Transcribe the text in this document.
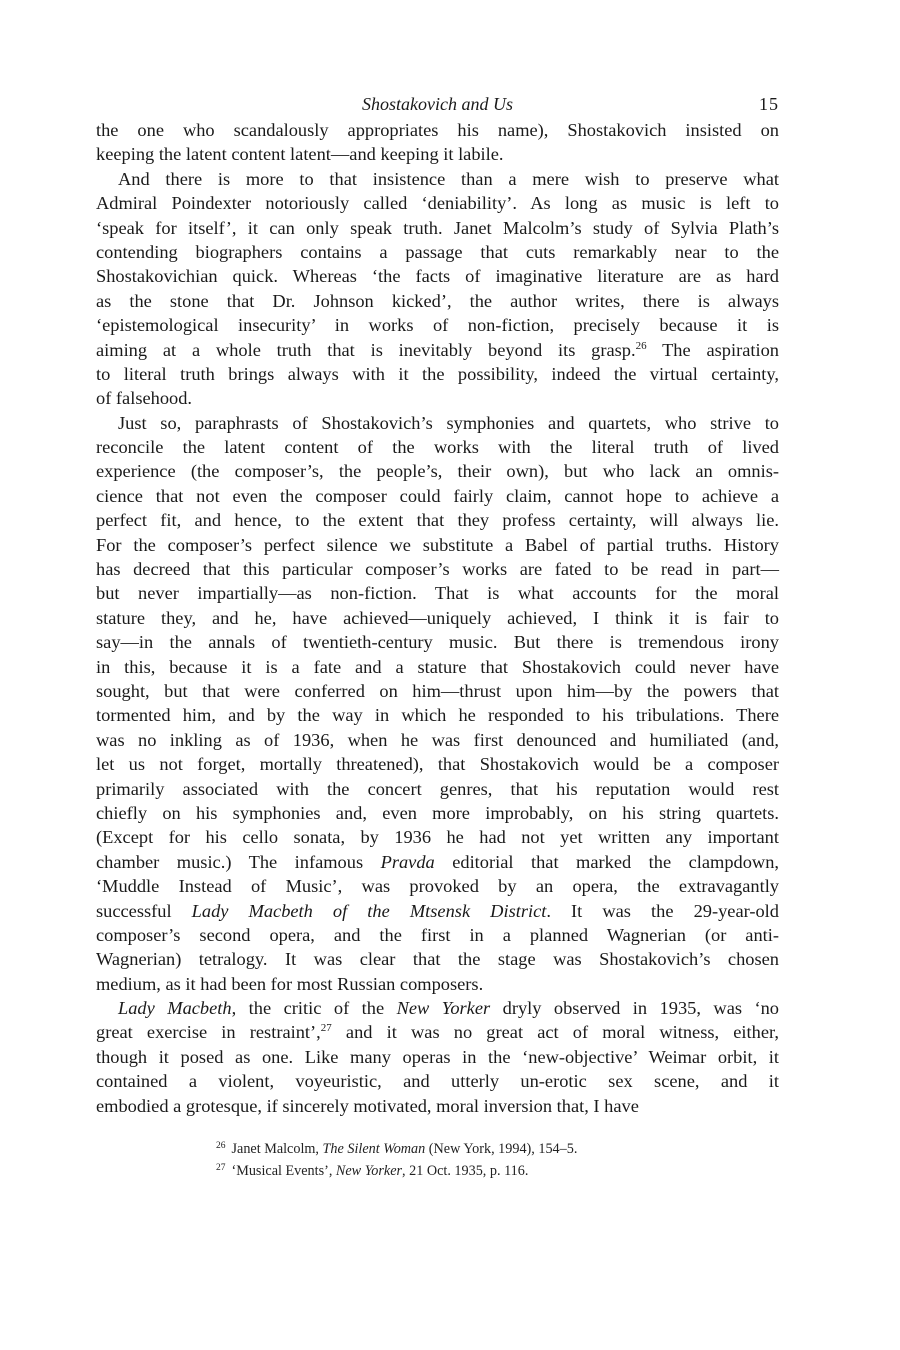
Shostakovich and Us	15
the one who scandalously appropriates his name), Shostakovich insisted on
keeping the latent content latent—and keeping it labile.
And there is more to that insistence than a mere wish to preserve what
Admiral Poindexter notoriously called ‘deniability’. As long as music is left to
‘speak for itself’, it can only speak truth. Janet Malcolm’s study of Sylvia Plath’s
contending biographers contains a passage that cuts remarkably near to the
Shostakovichian quick. Whereas ‘the facts of imaginative literature are as hard
as the stone that Dr. Johnson kicked’, the author writes, there is always
‘epistemological insecurity’ in works of non-fiction, precisely because it is
aiming at a whole truth that is inevitably beyond its grasp.$^{26}$ The aspiration
to literal truth brings always with it the possibility, indeed the virtual certainty,
of falsehood.
Just so, paraphrasts of Shostakovich’s symphonies and quartets, who strive to
reconcile the latent content of the works with the literal truth of lived
experience (the composer’s, the people’s, their own), but who lack an omnis-
cience that not even the composer could fairly claim, cannot hope to achieve a
perfect fit, and hence, to the extent that they profess certainty, will always lie.
For the composer’s perfect silence we substitute a Babel of partial truths. History
has decreed that this particular composer’s works are fated to be read in part—
but never impartially—as non-fiction. That is what accounts for the moral
stature they, and he, have achieved—uniquely achieved, I think it is fair to
say—in the annals of twentieth-century music. But there is tremendous irony
in this, because it is a fate and a stature that Shostakovich could never have
sought, but that were conferred on him—thrust upon him—by the powers that
tormented him, and by the way in which he responded to his tribulations. There
was no inkling as of 1936, when he was first denounced and humiliated (and,
let us not forget, mortally threatened), that Shostakovich would be a composer
primarily associated with the concert genres, that his reputation would rest
chiefly on his symphonies and, even more improbably, on his string quartets.
(Except for his cello sonata, by 1936 he had not yet written any important
chamber music.) The infamous Pravda editorial that marked the clampdown,
‘Muddle Instead of Music’, was provoked by an opera, the extravagantly
successful Lady Macbeth of the Mtsensk District. It was the 29-year-old
composer’s second opera, and the first in a planned Wagnerian (or anti-
Wagnerian) tetralogy. It was clear that the stage was Shostakovich’s chosen
medium, as it had been for most Russian composers.
Lady Macbeth, the critic of the New Yorker dryly observed in 1935, was ‘no
great exercise in restraint’,$^{27}$ and it was no great act of moral witness, either,
though it posed as one. Like many operas in the ‘new-objective’ Weimar orbit, it
contained a violent, voyeuristic, and utterly un-erotic sex scene, and it
embodied a grotesque, if sincerely motivated, moral inversion that, I have
$^{26}$ Janet Malcolm, The Silent Woman (New York, 1994), 154–5.
$^{27}$ ‘Musical Events’, New Yorker, 21 Oct. 1935, p. 116.
